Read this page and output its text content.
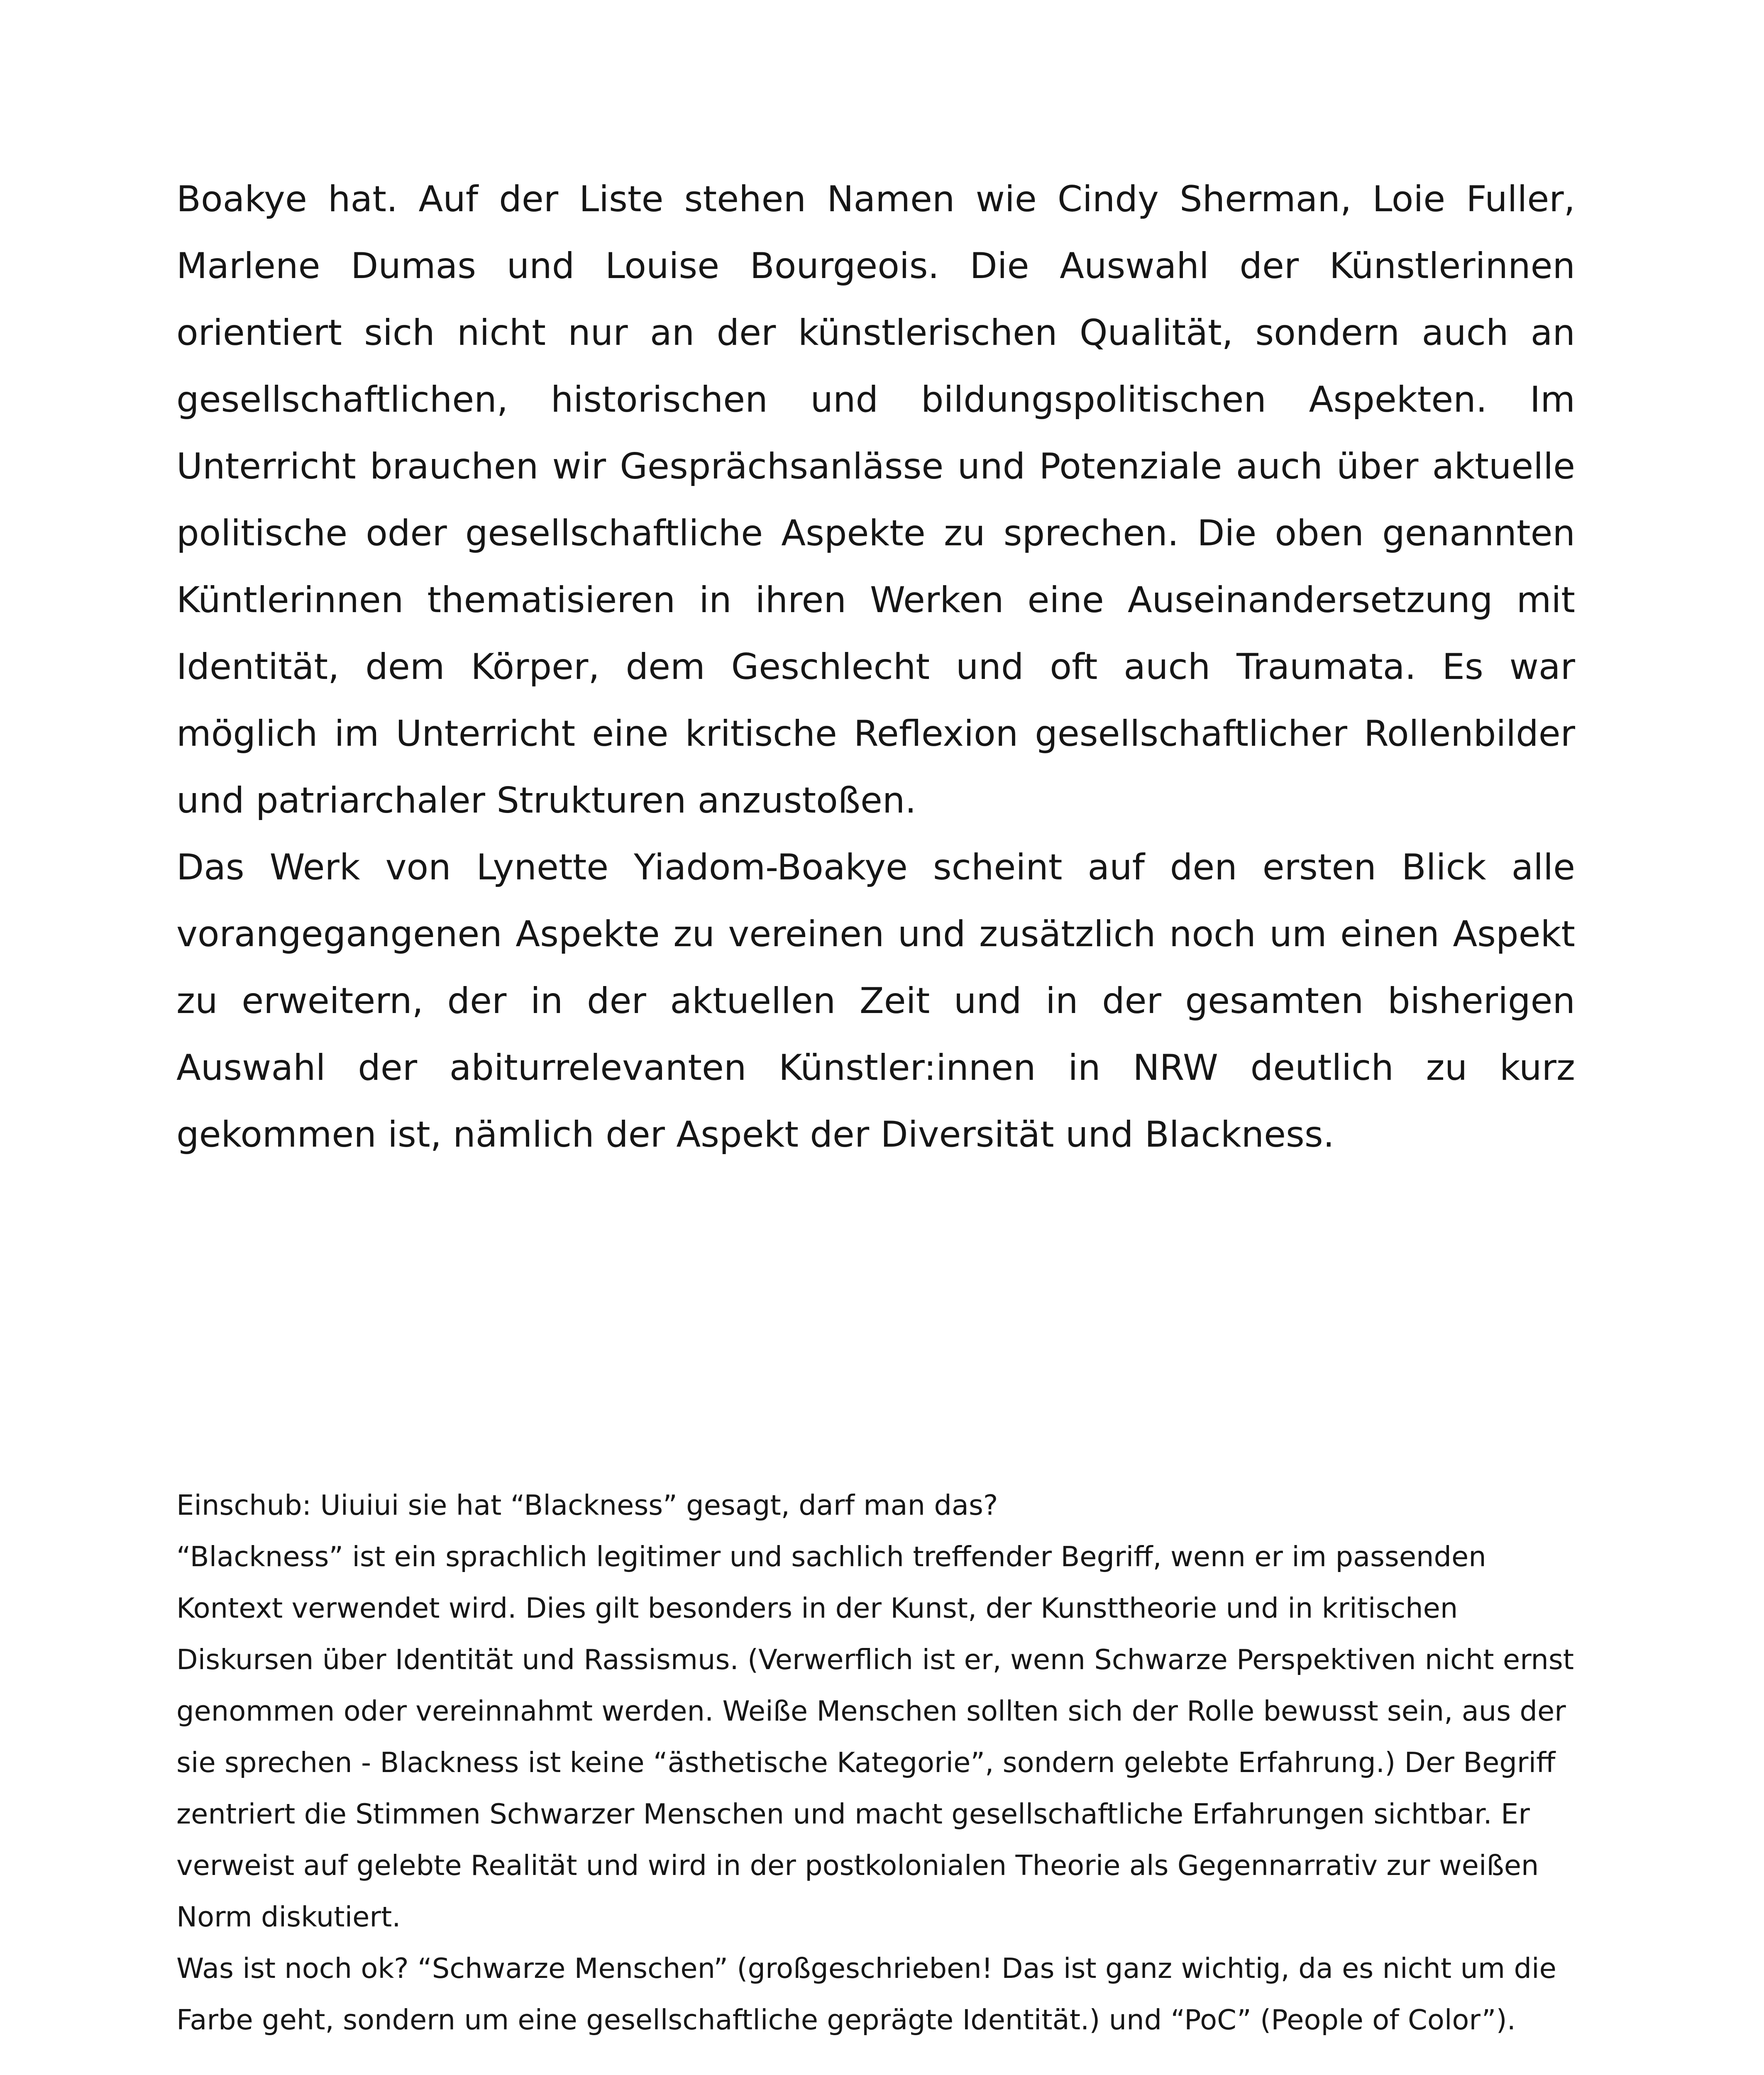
Boakye hat. Auf der Liste stehen Namen wie Cindy Sherman, Loie Fuller, Marlene Dumas und Louise Bourgeois. Die Auswahl der Künstlerinnen orientiert sich nicht nur an der künstlerischen Qualität, sondern auch an gesellschaftlichen, historischen und bildungspolitischen Aspekten. Im Unterricht brauchen wir Gesprächsanlässe und Potenziale auch über aktuelle politische oder gesellschaftliche Aspekte zu sprechen. Die oben genannten Küntlerinnen thematisieren in ihren Werken eine Auseinandersetzung mit Identität, dem Körper, dem Geschlecht und oft auch Traumata. Es war möglich im Unterricht eine kritische Reflexion gesellschaftlicher Rollenbilder und patriarchaler Strukturen anzustoßen.

Das Werk von Lynette Yiadom-Boakye scheint auf den ersten Blick alle vorangegangenen Aspekte zu vereinen und zusätzlich noch um einen Aspekt zu erweitern, der in der aktuellen Zeit und in der gesamten bisherigen Auswahl der abiturrelevanten Künstler:innen in NRW deutlich zu kurz gekommen ist, nämlich der Aspekt der Diversität und Blackness.

Einschub: Uiuiui sie hat “Blackness” gesagt, darf man das?

“Blackness” ist ein sprachlich legitimer und sachlich treffender Begriff, wenn er im passenden Kontext verwendet wird. Dies gilt besonders in der Kunst, der Kunsttheorie und in kritischen Diskursen über Identität und Rassismus. (Verwerflich ist er, wenn Schwarze Perspektiven nicht ernst genommen oder vereinnahmt werden. Weiße Menschen sollten sich der Rolle bewusst sein, aus der sie sprechen - Blackness ist keine “ästhetische Kategorie”, sondern gelebte Erfahrung.) Der Begriff zentriert die Stimmen Schwarzer Menschen und macht gesellschaftliche Erfahrungen sichtbar. Er verweist auf gelebte Realität und wird in der postkolonialen Theorie als Gegennarrativ zur weißen Norm diskutiert.

Was ist noch ok? “Schwarze Menschen” (großgeschrieben! Das ist ganz wichtig, da es nicht um die Farbe geht, sondern um eine gesellschaftliche geprägte Identität.) und “PoC” (People of Color”).
